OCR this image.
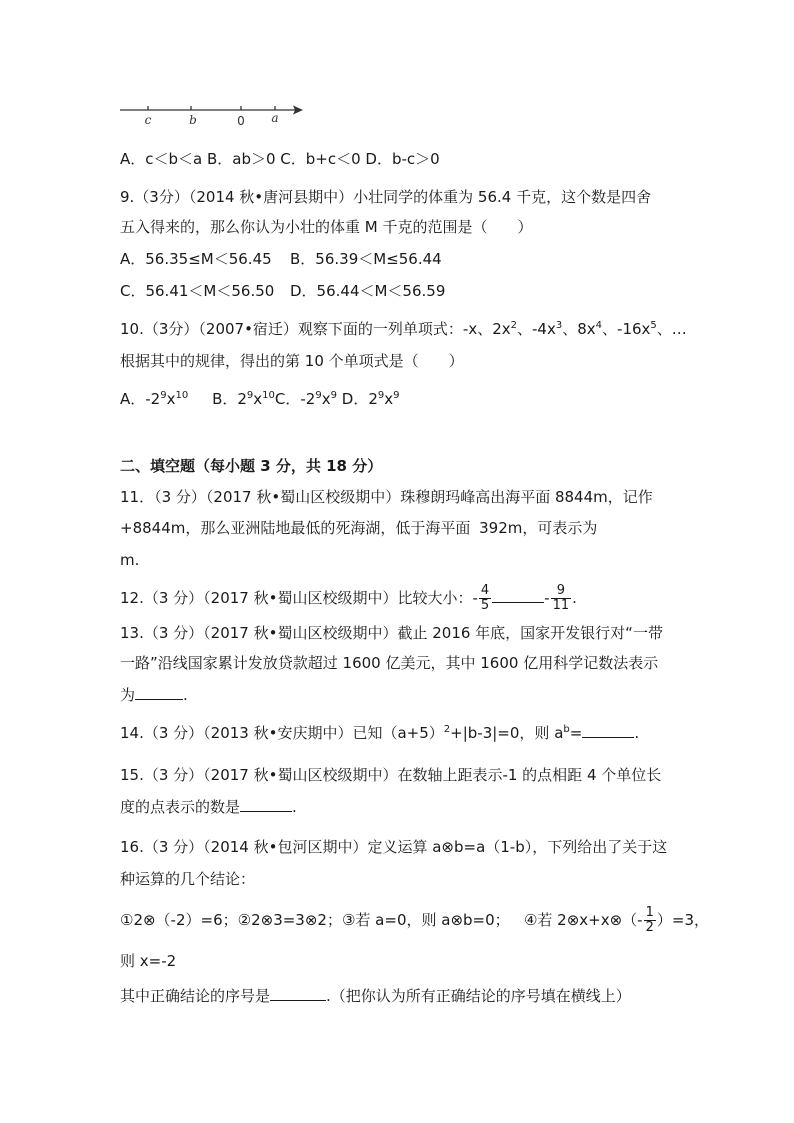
c	b	0 a
A．c＜b＜a B．ab＞0 C．b+c＜0 D．b-c＞0
9.（3分）（2014 秋•唐河县期中）小壮同学的体重为 56.4 千克，这个数是四舍
五入得来的，那么你认为小壮的体重 M 千克的范围是（　　）
A．56.35≤M＜56.45 B．56.39＜M≤56.44
C．56.41＜M＜56.50 D．56.44＜M＜56.59
10.（3分）（2007•宿迁）观察下面的一列单项式：-x、$2x^2$、$-4x^3$、$8x^4$、$-16x^5$、…
根据其中的规律，得出的第 10 个单项式是（　　）
A．$-2^9x^{10}$ B．$2^9x^{10}C$．$-2^9x^9$ D．$2^9x^9$
二、填空题（每小题 3 分，共 18 分）
11．（3 分）（2017 秋•蜀山区校级期中）珠穆朗玛峰高出海平面 8844m，记作
+8844m，那么亚洲陆地最低的死海湖，低于海平面 392m，可表示为
m.
12.（3 分）（2017 秋•蜀山区校级期中）比较大小：- $\frac{4}{5}$	- $\frac{9}{11}$ .
13.（3 分）（2017 秋•蜀山区校级期中）截止 2016 年底，国家开发银行对“一带
一路”沿线国家累计发放贷款超过 1600 亿美元，其中 1600 亿用科学记数法表示
为	.
14.（3 分）（2013 秋•安庆期中）已知$(a+5)^2+|b-3|=0$，则 $a^b=$	.
15.（3 分）（2017 秋•蜀山区校级期中）在数轴上距表示-1 的点相距 4 个单位长
度的点表示的数是	.
16.（3 分）（2014 秋•包河区期中）定义运算 a⊗b=a（1-b），下列给出了关于这
种运算的几个结论：
①2⊗（-2）=6；②2⊗3=3⊗2；③若 a=0，则 a⊗b=0； ④若 2⊗x+x⊗（- $\frac{1}{2} )=3$，
则 x=-2
其中正确结论的序号是	.（把你认为所有正确结论的序号填在横线上）
